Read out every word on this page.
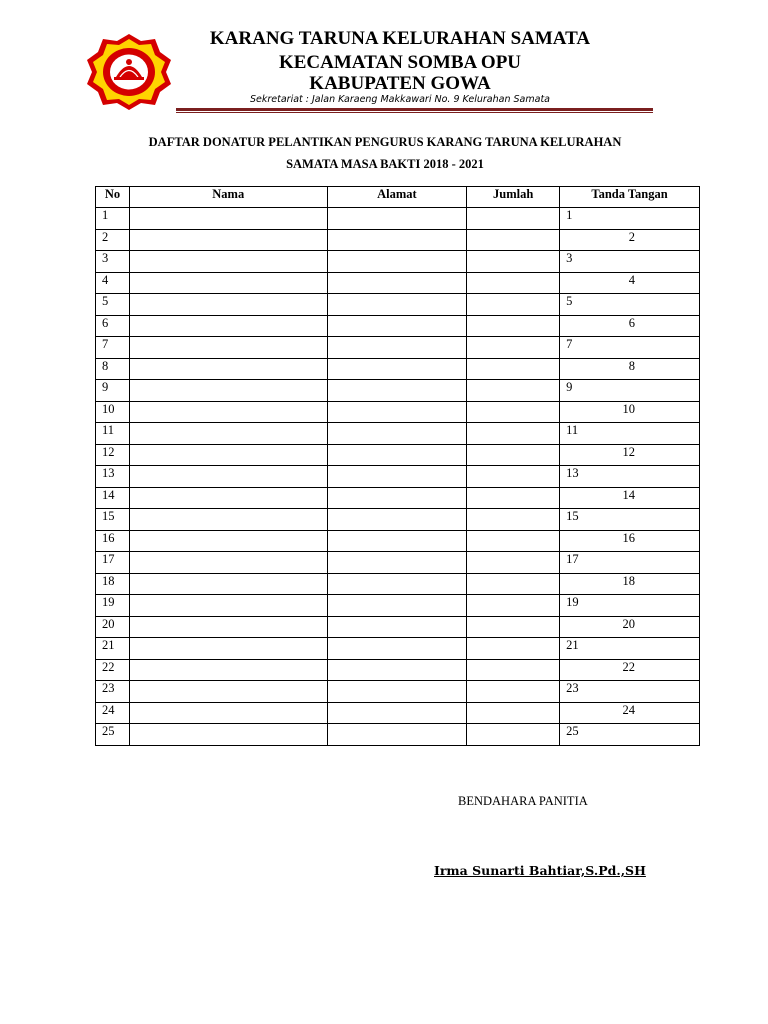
KARANG TARUNA KELURAHAN SAMATA
KECAMATAN SOMBA OPU
KABUPATEN GOWA
Sekretariat : Jalan Karaeng Makkawari No. 9 Kelurahan Samata
DAFTAR DONATUR PELANTIKAN PENGURUS KARANG TARUNA KELURAHAN
SAMATA MASA BAKTI 2018 - 2021
No	Nama	Alamat	Jumlah	Tanda Tangan
1				1
2				2
3				3
4				4
5				5
6				6
7				7
8				8
9				9
10				10
11				11
12				12
13				13
14				14
15				15
16				16
17				17
18				18
19				19
20				20
21				21
22				22
23				23
24				24
25				25
BENDAHARA PANITIA
Irma Sunarti Bahtiar,S.Pd.,SH
